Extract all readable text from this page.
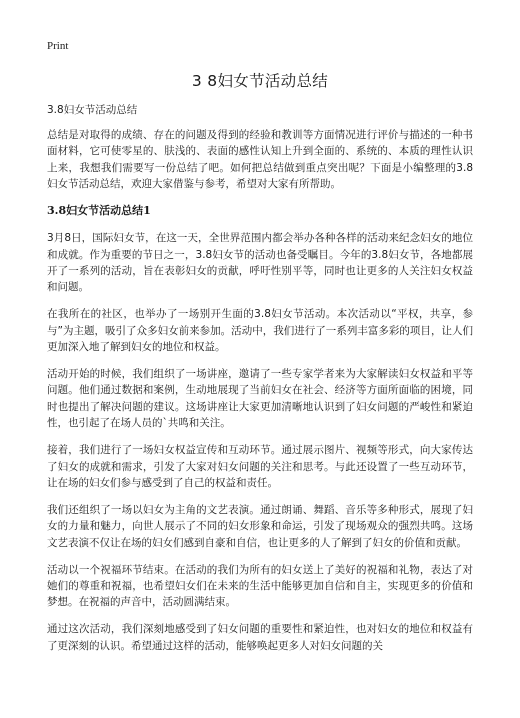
Print
3 8妇女节活动总结
3.8妇女节活动总结

总结是对取得的成绩、存在的问题及得到的经验和教训等方面情况进行评价与描述的一种书面材料，它可使零星的、肤浅的、表面的感性认知上升到全面的、系统的、本质的理性认识上来，我想我们需要写一份总结了吧。如何把总结做到重点突出呢？下面是小编整理的3.8妇女节活动总结，欢迎大家借鉴与参考，希望对大家有所帮助。

3.8妇女节活动总结1

3月8日，国际妇女节，在这一天，全世界范围内都会举办各种各样的活动来纪念妇女的地位和成就。作为重要的节日之一，3.8妇女节的活动也备受瞩目。今年的3.8妇女节，各地都展开了一系列的活动，旨在表彰妇女的贡献，呼吁性别平等，同时也让更多的人关注妇女权益和问题。

在我所在的社区，也举办了一场别开生面的3.8妇女节活动。本次活动以“平权，共享，参与”为主题，吸引了众多妇女前来参加。活动中，我们进行了一系列丰富多彩的项目，让人们更加深入地了解到妇女的地位和权益。

活动开始的时候，我们组织了一场讲座，邀请了一些专家学者来为大家解读妇女权益和平等问题。他们通过数据和案例，生动地展现了当前妇女在社会、经济等方面所面临的困境，同时也提出了解决问题的建议。这场讲座让大家更加清晰地认识到了妇女问题的严峻性和紧迫性，也引起了在场人员的`共鸣和关注。

接着，我们进行了一场妇女权益宣传和互动环节。通过展示图片、视频等形式，向大家传达了妇女的成就和需求，引发了大家对妇女问题的关注和思考。与此还设置了一些互动环节，让在场的妇女们参与感受到了自己的权益和责任。

我们还组织了一场以妇女为主角的文艺表演。通过朗诵、舞蹈、音乐等多种形式，展现了妇女的力量和魅力，向世人展示了不同的妇女形象和命运，引发了现场观众的强烈共鸣。这场文艺表演不仅让在场的妇女们感到自豪和自信，也让更多的人了解到了妇女的价值和贡献。

活动以一个祝福环节结束。在活动的我们为所有的妇女送上了美好的祝福和礼物，表达了对她们的尊重和祝福，也希望妇女们在未来的生活中能够更加自信和自主，实现更多的价值和梦想。在祝福的声音中，活动圆满结束。

通过这次活动，我们深刻地感受到了妇女问题的重要性和紧迫性，也对妇女的地位和权益有了更深刻的认识。希望通过这样的活动，能够唤起更多人对妇女问题的关
